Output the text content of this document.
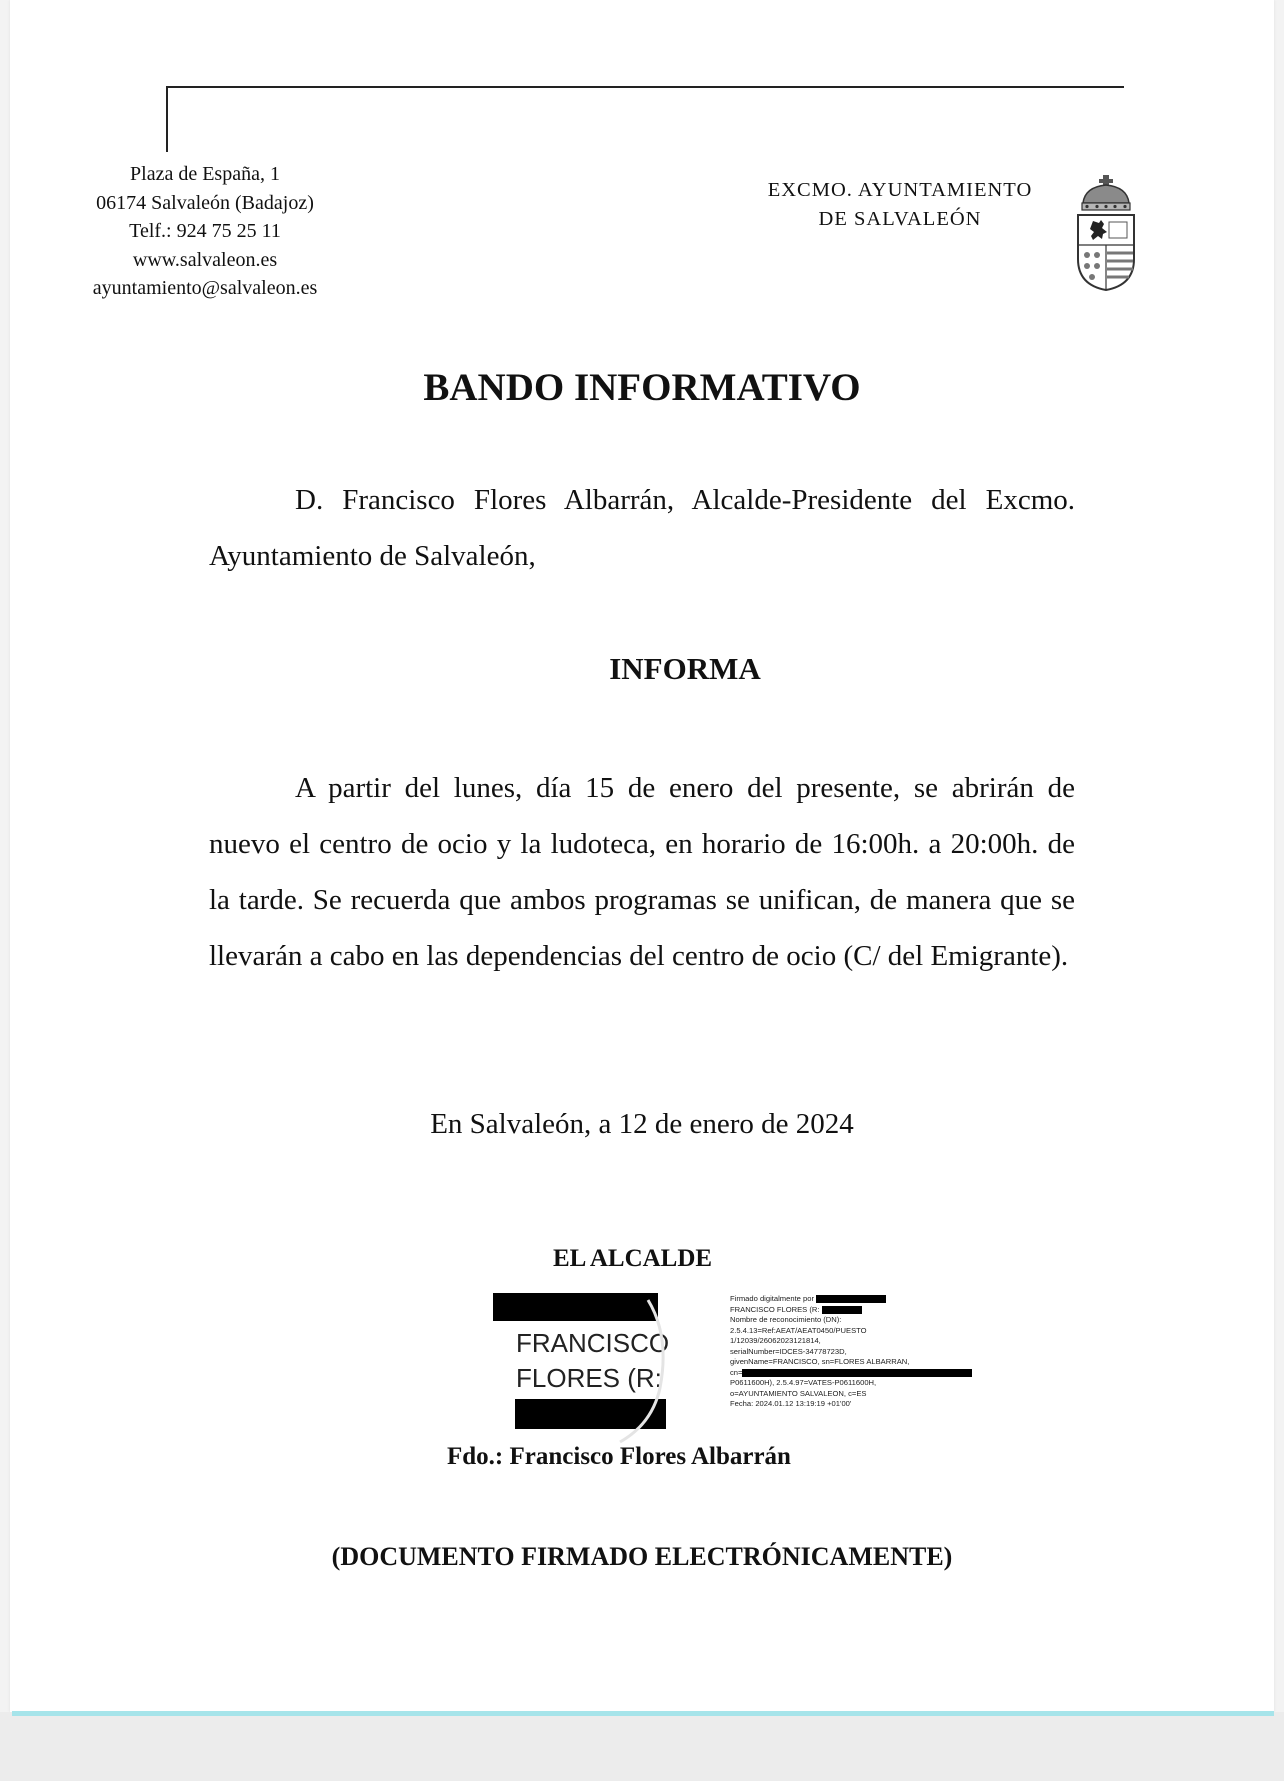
Plaza de España, 1
06174 Salvaleón (Badajoz)
Telf.: 924 75 25 11
www.salvaleon.es
ayuntamiento@salvaleon.es
EXCMO. AYUNTAMIENTO
DE SALVALEÓN
BANDO INFORMATIVO

D. Francisco Flores Albarrán, Alcalde-Presidente del Excmo. Ayuntamiento de Salvaleón,

INFORMA

A partir del lunes, día 15 de enero del presente, se abrirán de nuevo el centro de ocio y la ludoteca, en horario de 16:00h. a 20:00h. de la tarde. Se recuerda que ambos programas se unifican, de manera que se llevarán a cabo en las dependencias del centro de ocio (C/ del Emigrante).

En Salvaleón, a 12 de enero de 2024
EL ALCALDE
FRANCISCO
FLORES (R:
Firmado digitalmente por
FRANCISCO FLORES (R:
Nombre de reconocimiento (DN):
2.5.4.13=Ref:AEAT/AEAT0450/PUESTO
1/12039/26062023121814,
serialNumber=IDCES-34778723D,
givenName=FRANCISCO, sn=FLORES ALBARRAN,
cn=
P0611600H), 2.5.4.97=VATES-P0611600H,
o=AYUNTAMIENTO SALVALEON, c=ES
Fecha: 2024.01.12 13:19:19 +01'00'
Fdo.: Francisco Flores Albarrán
(DOCUMENTO FIRMADO ELECTRÓNICAMENTE)
